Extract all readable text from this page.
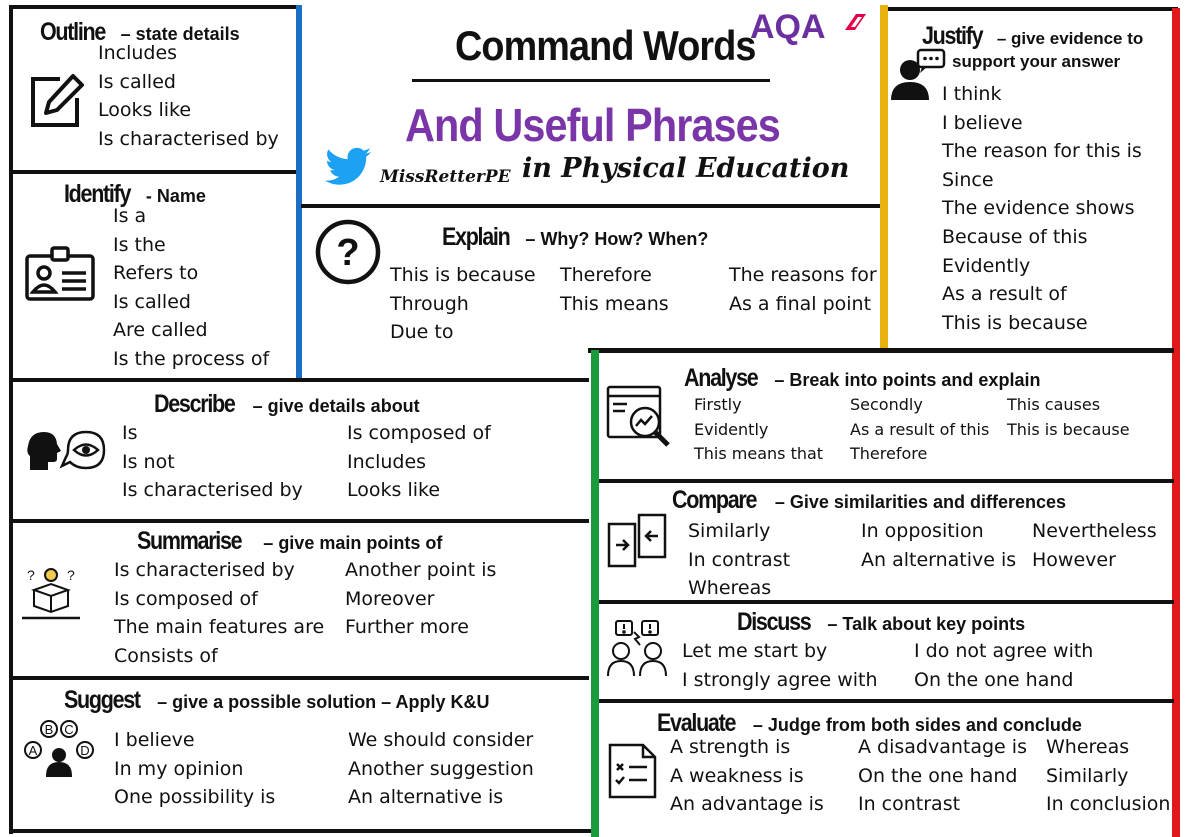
Command Words
AQA
And Useful Phrases
MissRetterPE in Physical Education
Outline – state details
Includes
Is called
Looks like
Is characterised by
Identify - Name
Is a
Is the
Refers to
Is called
Are called
Is the process of
?	Explain – Why? How? When?
This is because
Through
Due to
Therefore
This means
The reasons for
As a final point
Justify – give evidence to
support your answer
I think
I believe
The reason for this is
Since
The evidence shows
Because of this
Evidently
As a result of
This is because
Describe – give details about
Is
Is not
Is characterised by
Is composed of
Includes
Looks like
Summarise – give main points of
? ? Is characterised by
Is composed of
The main features are
Consists of
Another point is
Moreover
Further more
Suggest – give a possible solution – Apply K&U
A
B C
D I believe
In my opinion
One possibility is
We should consider
Another suggestion
An alternative is
Analyse – Break into points and explain
Firstly
Evidently
This means that
Secondly
As a result of this
Therefore
This causes
This is because
Compare – Give similarities and differences
Similarly
In contrast
Whereas
In opposition
An alternative is
Nevertheless
However
Discuss – Talk about key points
Let me start by
I strongly agree with
I do not agree with
On the one hand
Evaluate – Judge from both sides and conclude
A strength is
A weakness is
An advantage is
A disadvantage is
On the one hand
In contrast
Whereas
Similarly
In conclusion
